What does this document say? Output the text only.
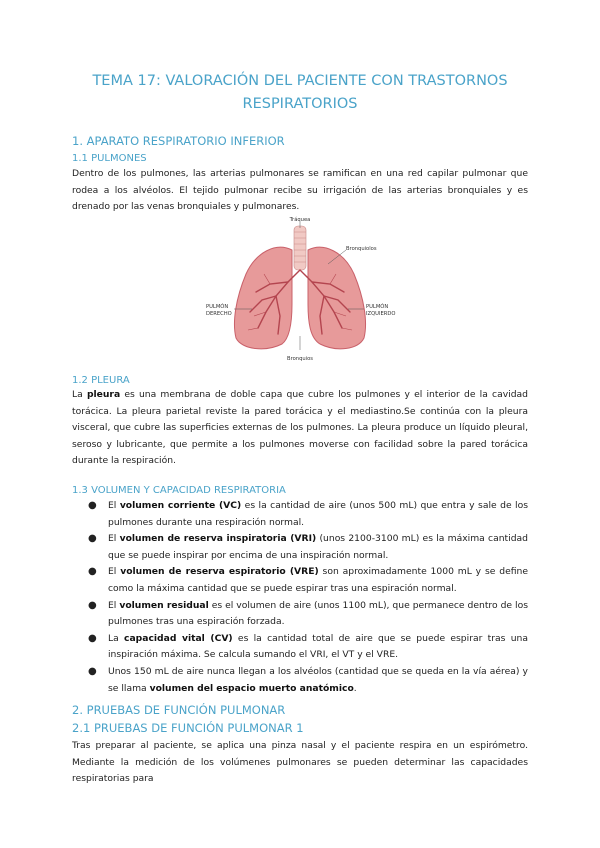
TEMA 17: VALORACIÓN DEL PACIENTE CON TRASTORNOS
RESPIRATORIOS
1. APARATO RESPIRATORIO INFERIOR
1.1 PULMONES

Dentro de los pulmones, las arterias pulmonares se ramifican en una red capilar pulmonar que rodea a los alvéolos. El tejido pulmonar recibe su irrigación de las arterias bronquiales y es drenado por las venas bronquiales y pulmonares.

Tráquea
Bronquiolos
PULMÓN
DERECHO
PULMÓN
IZQUIERDO
Bronquios
1.2 PLEURA

La pleura es una membrana de doble capa que cubre los pulmones y el interior de la cavidad torácica. La pleura parietal reviste la pared torácica y el mediastino.Se continúa con la pleura visceral, que cubre las superficies externas de los pulmones. La pleura produce un líquido pleural, seroso y lubricante, que permite a los pulmones moverse con facilidad sobre la pared torácica durante la respiración.

1.3 VOLUMEN Y CAPACIDAD RESPIRATORIA
● El volumen corriente (VC) es la cantidad de aire (unos 500 mL) que entra y sale de los pulmones durante una respiración normal.
● El volumen de reserva inspiratoria (VRI) (unos 2100-3100 mL) es la máxima cantidad que se puede inspirar por encima de una inspiración normal.
● El volumen de reserva espiratorio (VRE) son aproximadamente 1000 mL y se define como la máxima cantidad que se puede espirar tras una espiración normal.
● El volumen residual es el volumen de aire (unos 1100 mL), que permanece dentro de los pulmones tras una espiración forzada.
● La capacidad vital (CV) es la cantidad total de aire que se puede espirar tras una inspiración máxima. Se calcula sumando el VRI, el VT y el VRE.
● Unos 150 mL de aire nunca llegan a los alvéolos (cantidad que se queda en la vía aérea) y se llama volumen del espacio muerto anatómico.
2. PRUEBAS DE FUNCIÓN PULMONAR
2.1 PRUEBAS DE FUNCIÓN PULMONAR 1

Tras preparar al paciente, se aplica una pinza nasal y el paciente respira en un espirómetro. Mediante la medición de los volúmenes pulmonares se pueden determinar las capacidades respiratorias para
